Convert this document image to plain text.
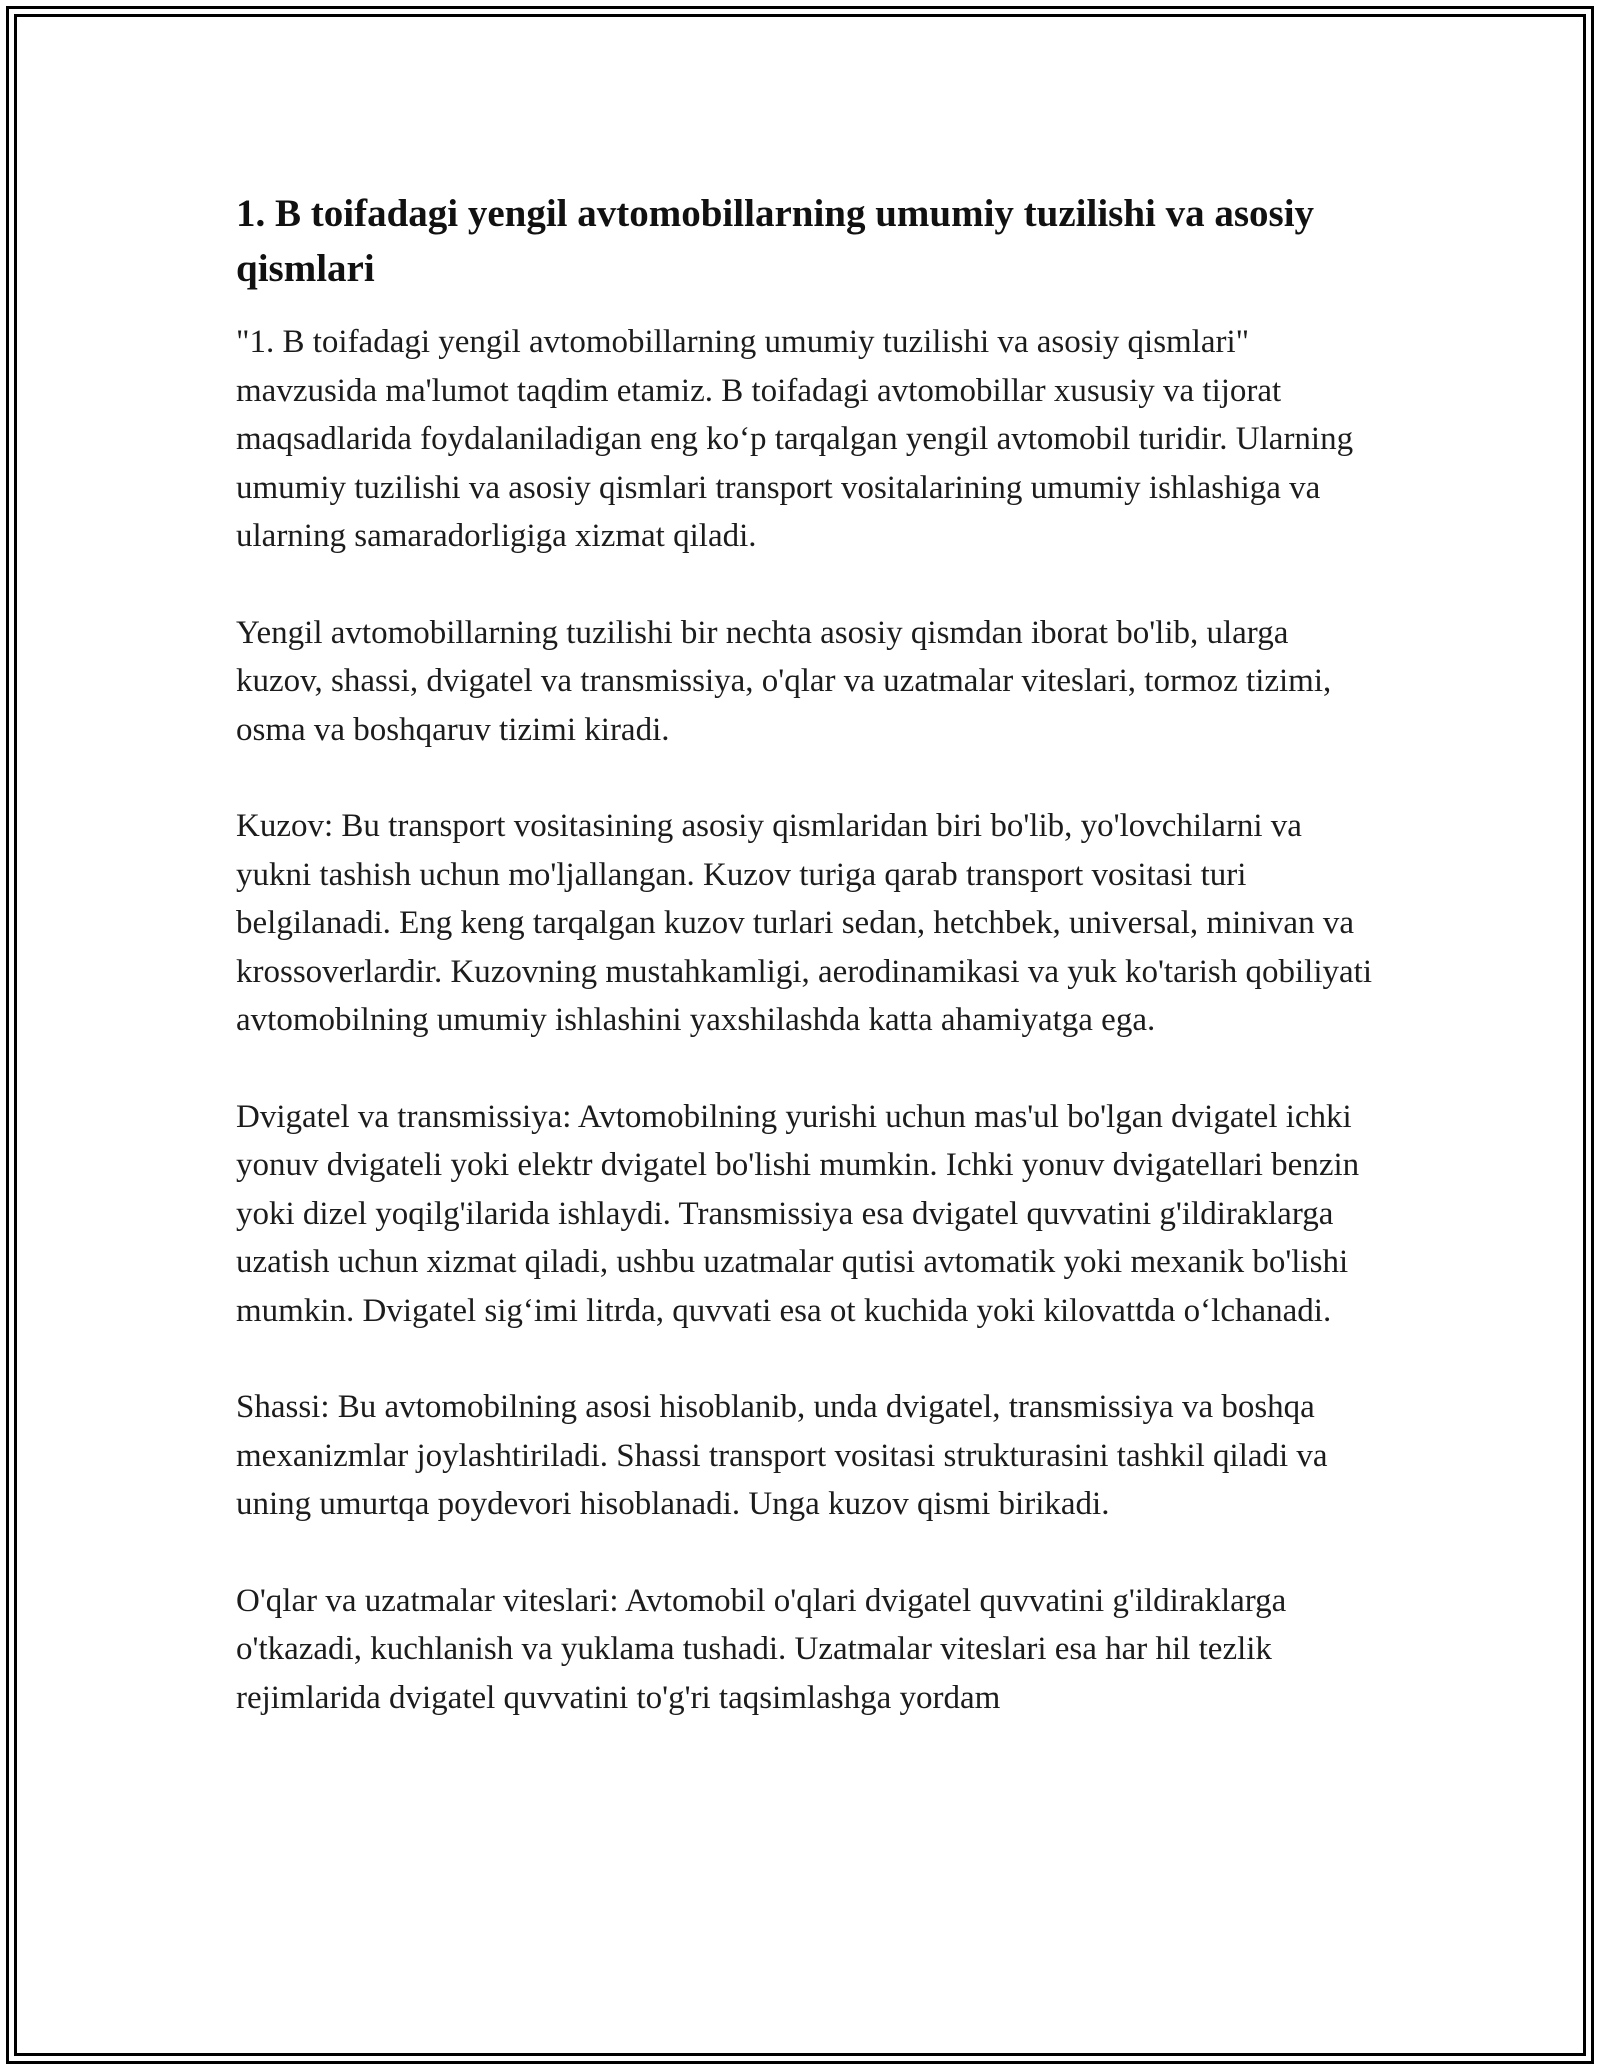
1. B toifadagi yengil avtomobillarning umumiy tuzilishi va asosiy qismlari

"1. B toifadagi yengil avtomobillarning umumiy tuzilishi va asosiy qismlari" mavzusida ma'lumot taqdim etamiz. B toifadagi avtomobillar xususiy va tijorat maqsadlarida foydalaniladigan eng ko‘p tarqalgan yengil avtomobil turidir. Ularning umumiy tuzilishi va asosiy qismlari transport vositalarining umumiy ishlashiga va ularning samaradorligiga xizmat qiladi.

Yengil avtomobillarning tuzilishi bir nechta asosiy qismdan iborat bo'lib, ularga kuzov, shassi, dvigatel va transmissiya, o'qlar va uzatmalar viteslari, tormoz tizimi, osma va boshqaruv tizimi kiradi.

Kuzov: Bu transport vositasining asosiy qismlaridan biri bo'lib, yo'lovchilarni va yukni tashish uchun mo'ljallangan. Kuzov turiga qarab transport vositasi turi belgilanadi. Eng keng tarqalgan kuzov turlari sedan, hetchbek, universal, minivan va krossoverlardir. Kuzovning mustahkamligi, aerodinamikasi va yuk ko'tarish qobiliyati avtomobilning umumiy ishlashini yaxshilashda katta ahamiyatga ega.

Dvigatel va transmissiya: Avtomobilning yurishi uchun mas'ul bo'lgan dvigatel ichki yonuv dvigateli yoki elektr dvigatel bo'lishi mumkin. Ichki yonuv dvigatellari benzin yoki dizel yoqilg'ilarida ishlaydi. Transmissiya esa dvigatel quvvatini g'ildiraklarga uzatish uchun xizmat qiladi, ushbu uzatmalar qutisi avtomatik yoki mexanik bo'lishi mumkin. Dvigatel sig‘imi litrda, quvvati esa ot kuchida yoki kilovattda o‘lchanadi.

Shassi: Bu avtomobilning asosi hisoblanib, unda dvigatel, transmissiya va boshqa mexanizmlar joylashtiriladi. Shassi transport vositasi strukturasini tashkil qiladi va uning umurtqa poydevori hisoblanadi. Unga kuzov qismi birikadi.

O'qlar va uzatmalar viteslari: Avtomobil o'qlari dvigatel quvvatini g'ildiraklarga o'tkazadi, kuchlanish va yuklama tushadi. Uzatmalar viteslari esa har hil tezlik rejimlarida dvigatel quvvatini to'g'ri taqsimlashga yordam
